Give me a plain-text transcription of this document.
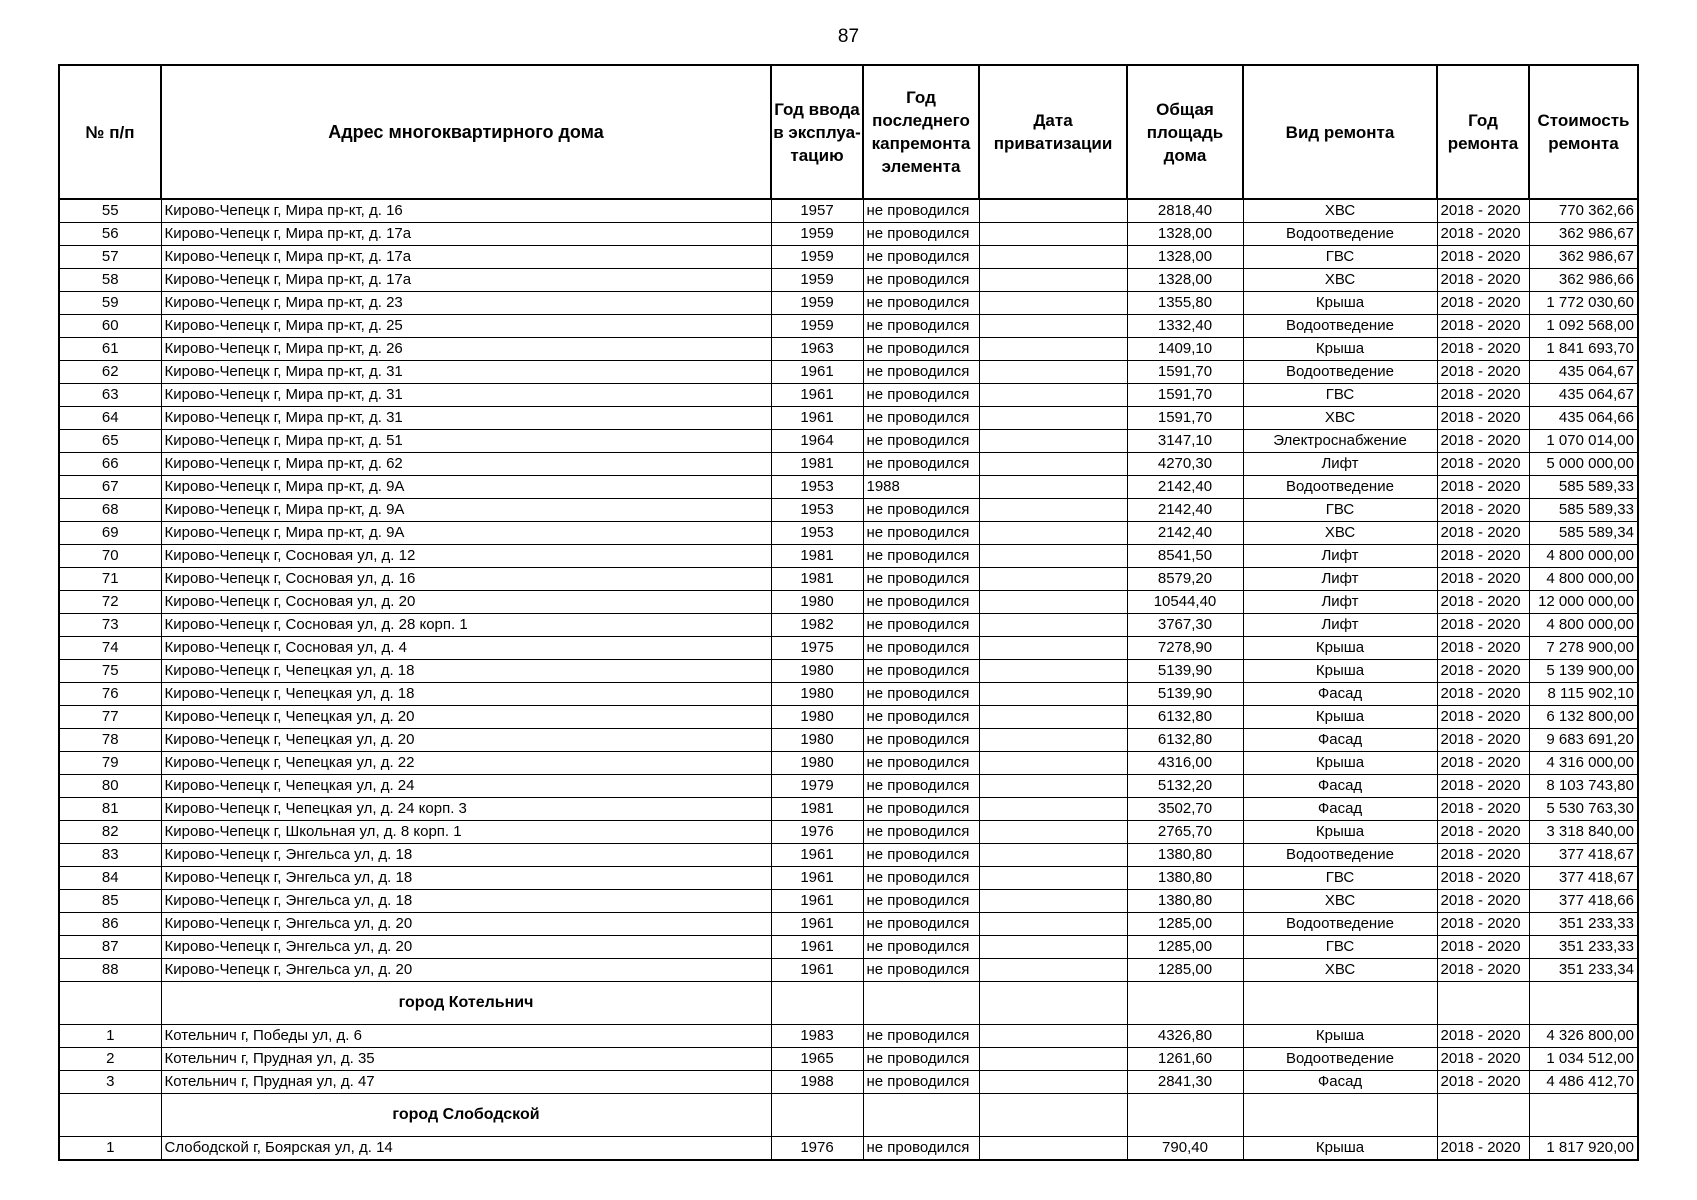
87
№ п/п	Адрес многоквартирного дома	Год ввода в эксплуа-тацию	Год последнего капремонта элемента	Дата приватизации	Общая площадь дома	Вид ремонта	Год ремонта	Стоимость ремонта
55	Кирово-Чепецк г, Мира пр-кт, д. 16	1957	не проводился		2818,40	ХВС	2018 - 2020	770 362,66
56	Кирово-Чепецк г, Мира пр-кт, д. 17а	1959	не проводился		1328,00	Водоотведение	2018 - 2020	362 986,67
57	Кирово-Чепецк г, Мира пр-кт, д. 17а	1959	не проводился		1328,00	ГВС	2018 - 2020	362 986,67
58	Кирово-Чепецк г, Мира пр-кт, д. 17а	1959	не проводился		1328,00	ХВС	2018 - 2020	362 986,66
59	Кирово-Чепецк г, Мира пр-кт, д. 23	1959	не проводился		1355,80	Крыша	2018 - 2020	1 772 030,60
60	Кирово-Чепецк г, Мира пр-кт, д. 25	1959	не проводился		1332,40	Водоотведение	2018 - 2020	1 092 568,00
61	Кирово-Чепецк г, Мира пр-кт, д. 26	1963	не проводился		1409,10	Крыша	2018 - 2020	1 841 693,70
62	Кирово-Чепецк г, Мира пр-кт, д. 31	1961	не проводился		1591,70	Водоотведение	2018 - 2020	435 064,67
63	Кирово-Чепецк г, Мира пр-кт, д. 31	1961	не проводился		1591,70	ГВС	2018 - 2020	435 064,67
64	Кирово-Чепецк г, Мира пр-кт, д. 31	1961	не проводился		1591,70	ХВС	2018 - 2020	435 064,66
65	Кирово-Чепецк г, Мира пр-кт, д. 51	1964	не проводился		3147,10	Электроснабжение	2018 - 2020	1 070 014,00
66	Кирово-Чепецк г, Мира пр-кт, д. 62	1981	не проводился		4270,30	Лифт	2018 - 2020	5 000 000,00
67	Кирово-Чепецк г, Мира пр-кт, д. 9А	1953	1988		2142,40	Водоотведение	2018 - 2020	585 589,33
68	Кирово-Чепецк г, Мира пр-кт, д. 9А	1953	не проводился		2142,40	ГВС	2018 - 2020	585 589,33
69	Кирово-Чепецк г, Мира пр-кт, д. 9А	1953	не проводился		2142,40	ХВС	2018 - 2020	585 589,34
70	Кирово-Чепецк г, Сосновая ул, д. 12	1981	не проводился		8541,50	Лифт	2018 - 2020	4 800 000,00
71	Кирово-Чепецк г, Сосновая ул, д. 16	1981	не проводился		8579,20	Лифт	2018 - 2020	4 800 000,00
72	Кирово-Чепецк г, Сосновая ул, д. 20	1980	не проводился		10544,40	Лифт	2018 - 2020	12 000 000,00
73	Кирово-Чепецк г, Сосновая ул, д. 28 корп. 1	1982	не проводился		3767,30	Лифт	2018 - 2020	4 800 000,00
74	Кирово-Чепецк г, Сосновая ул, д. 4	1975	не проводился		7278,90	Крыша	2018 - 2020	7 278 900,00
75	Кирово-Чепецк г, Чепецкая ул, д. 18	1980	не проводился		5139,90	Крыша	2018 - 2020	5 139 900,00
76	Кирово-Чепецк г, Чепецкая ул, д. 18	1980	не проводился		5139,90	Фасад	2018 - 2020	8 115 902,10
77	Кирово-Чепецк г, Чепецкая ул, д. 20	1980	не проводился		6132,80	Крыша	2018 - 2020	6 132 800,00
78	Кирово-Чепецк г, Чепецкая ул, д. 20	1980	не проводился		6132,80	Фасад	2018 - 2020	9 683 691,20
79	Кирово-Чепецк г, Чепецкая ул, д. 22	1980	не проводился		4316,00	Крыша	2018 - 2020	4 316 000,00
80	Кирово-Чепецк г, Чепецкая ул, д. 24	1979	не проводился		5132,20	Фасад	2018 - 2020	8 103 743,80
81	Кирово-Чепецк г, Чепецкая ул, д. 24 корп. 3	1981	не проводился		3502,70	Фасад	2018 - 2020	5 530 763,30
82	Кирово-Чепецк г, Школьная ул, д. 8 корп. 1	1976	не проводился		2765,70	Крыша	2018 - 2020	3 318 840,00
83	Кирово-Чепецк г, Энгельса ул, д. 18	1961	не проводился		1380,80	Водоотведение	2018 - 2020	377 418,67
84	Кирово-Чепецк г, Энгельса ул, д. 18	1961	не проводился		1380,80	ГВС	2018 - 2020	377 418,67
85	Кирово-Чепецк г, Энгельса ул, д. 18	1961	не проводился		1380,80	ХВС	2018 - 2020	377 418,66
86	Кирово-Чепецк г, Энгельса ул, д. 20	1961	не проводился		1285,00	Водоотведение	2018 - 2020	351 233,33
87	Кирово-Чепецк г, Энгельса ул, д. 20	1961	не проводился		1285,00	ГВС	2018 - 2020	351 233,33
88	Кирово-Чепецк г, Энгельса ул, д. 20	1961	не проводился		1285,00	ХВС	2018 - 2020	351 233,34
	город Котельнич							
1	Котельнич г, Победы ул, д. 6	1983	не проводился		4326,80	Крыша	2018 - 2020	4 326 800,00
2	Котельнич г, Прудная ул, д. 35	1965	не проводился		1261,60	Водоотведение	2018 - 2020	1 034 512,00
3	Котельнич г, Прудная ул, д. 47	1988	не проводился		2841,30	Фасад	2018 - 2020	4 486 412,70
	город Слободской							
1	Слободской г, Боярская ул, д. 14	1976	не проводился		790,40	Крыша	2018 - 2020	1 817 920,00
